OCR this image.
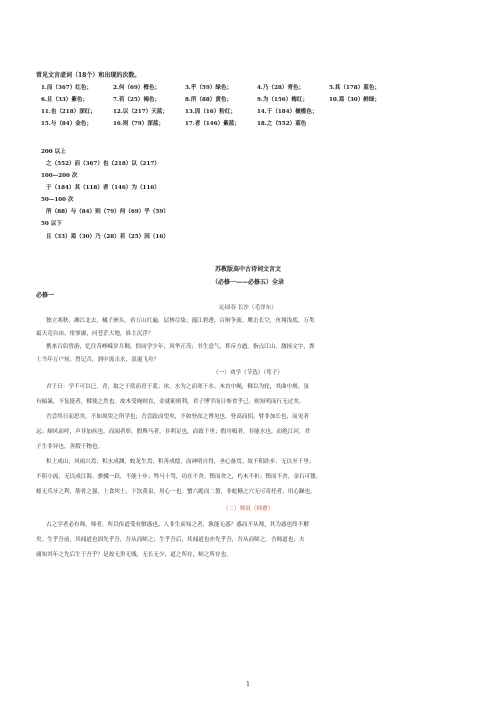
常见文言虚词（18个）和出现的次数。
1.而（367）红色；	2.何（69）橙色；	3.乎（59）绿色；	4.乃（28）青色；	5.其（178）蓝色；
6.且（33）紫色；	7.若（25）褐色；	8.所（88）黄色；	9.为（156）梅红；	10.焉（30）鲜绿；
11.也（218）深红；	12.以（217）天蓝；	13.因（16）粉红；	14.于（184）橄榄色；
15.与（84）金色；	16.则（79）深蓝；	17.者（146）紫蓝；	18.之（552）蓝色
200 以上
之（552）而（367）也（218）以（217）
100—200 次
于（184）其（118）者（146）为（116）
50—100 次
所（88）与（84）则（79）何（69）乎（59）
50 以下
且（33）焉（30）乃（28）若（25）因（16）
苏教版高中古诗词文言文
（必修一——必修五）全录
必修一
沁园春 长沙（毛泽东）
独立寒秋，湘江北去，橘子洲头。看万山红遍，层林尽染；漫江碧透，百舸争流。鹰击长空，鱼翔浅底，万类
霜天竞自由。怅寥廓，问苍茫大地，谁主沉浮？
携来百侣曾游，忆往昔峥嵘岁月稠。恰同学少年，风华正茂；书生意气，挥斥方遒。指点江山，激扬文字，粪
土当年万户侯。曾记否，到中流击水，浪遏飞舟？
（一）劝学（节选）（荀子）
君子曰：学不可以已。青，取之于蓝而青于蓝；冰，水为之而寒于水。木直中绳，輮以为轮，其曲中规。虽
有槁暴，不复挺者，輮使之然也。故木受绳则直，金就砺则利，君子博学而日参省乎己，则知明而行无过矣。
吾尝终日而思矣，不如须臾之所学也；吾尝跂而望矣，不如登高之博见也。登高而招，臂非加长也，而见者
远；顺风而呼，声非加疾也，而闻者彰。假舆马者，非利足也，而致千里；假舟楫者，非能水也，而绝江河。君
子生非异也，善假于物也。
积土成山，风雨兴焉；积水成渊，蛟龙生焉；积善成德，而神明自得，圣心备焉。故不积跬步，无以至千里；
不积小流，无以成江海。骐骥一跃，不能十步；驽马十驾，功在不舍。锲而舍之，朽木不折；锲而不舍，金石可镂。
蚓无爪牙之利，筋骨之强，上食埃土，下饮黄泉，用心一也。蟹六跪而二螯，非蛇鳝之穴无可寄托者，用心躁也。
（二）师说（韩愈）
古之学者必有师。师者，所以传道受业解惑也。人非生而知之者，孰能无惑？惑而不从师，其为惑也终不解
矣。生乎吾前，其闻道也固先乎吾，吾从而师之；生乎吾后，其闻道也亦先乎吾，吾从而师之。吾师道也，夫
庸知其年之先后生于吾乎？是故无贵无贱，无长无少，道之所存，师之所存也。
1
